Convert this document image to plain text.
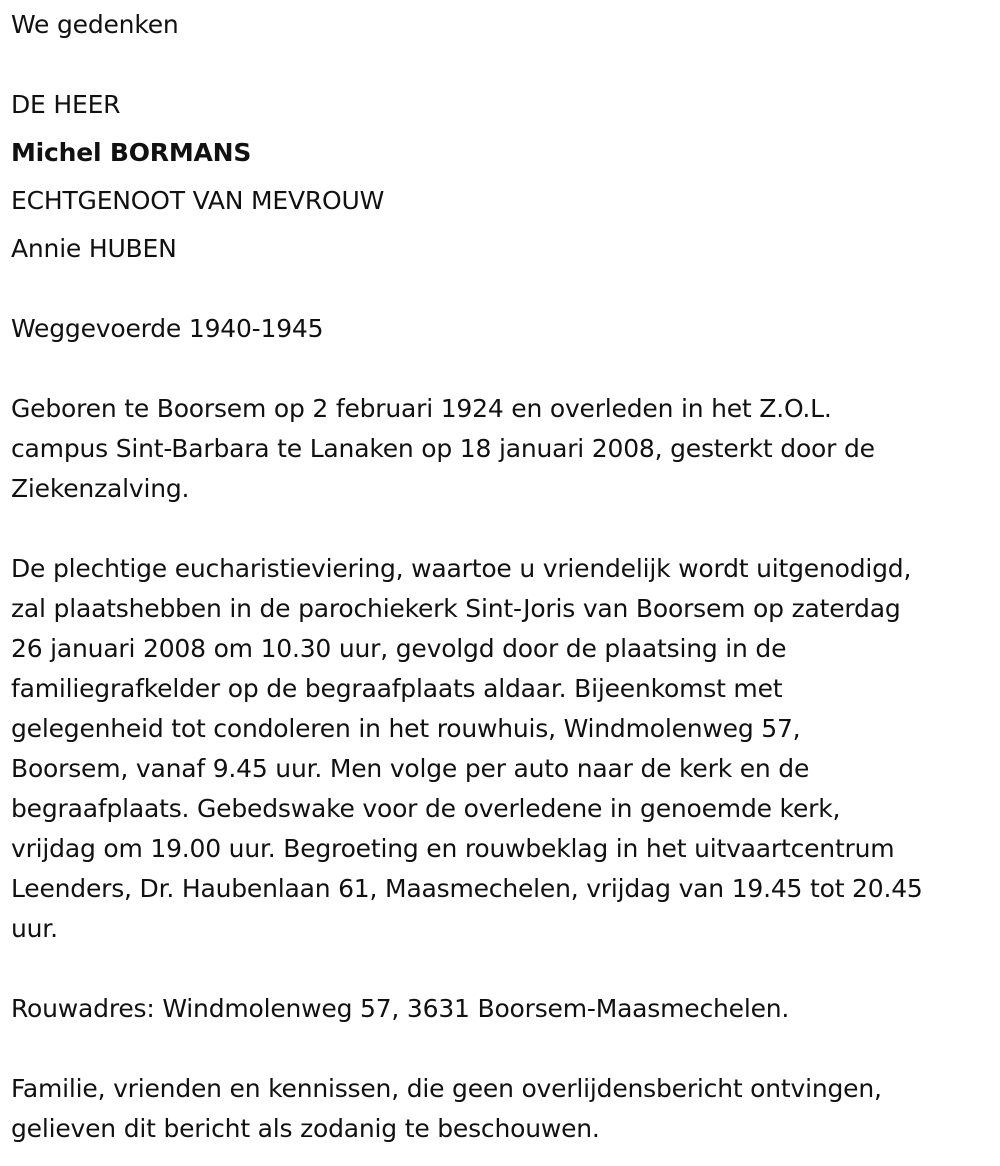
We gedenken
DE HEER
Michel BORMANS
ECHTGENOOT VAN MEVROUW
Annie HUBEN
Weggevoerde 1940-1945
Geboren te Boorsem op 2 februari 1924 en overleden in het Z.O.L.
campus Sint-Barbara te Lanaken op 18 januari 2008, gesterkt door de
Ziekenzalving.
De plechtige eucharistieviering, waartoe u vriendelijk wordt uitgenodigd,
zal plaatshebben in de parochiekerk Sint-Joris van Boorsem op zaterdag
26 januari 2008 om 10.30 uur, gevolgd door de plaatsing in de
familiegrafkelder op de begraafplaats aldaar. Bijeenkomst met
gelegenheid tot condoleren in het rouwhuis, Windmolenweg 57,
Boorsem, vanaf 9.45 uur. Men volge per auto naar de kerk en de
begraafplaats. Gebedswake voor de overledene in genoemde kerk,
vrijdag om 19.00 uur. Begroeting en rouwbeklag in het uitvaartcentrum
Leenders, Dr. Haubenlaan 61, Maasmechelen, vrijdag van 19.45 tot 20.45
uur.
Rouwadres: Windmolenweg 57, 3631 Boorsem-Maasmechelen.
Familie, vrienden en kennissen, die geen overlijdensbericht ontvingen,
gelieven dit bericht als zodanig te beschouwen.
